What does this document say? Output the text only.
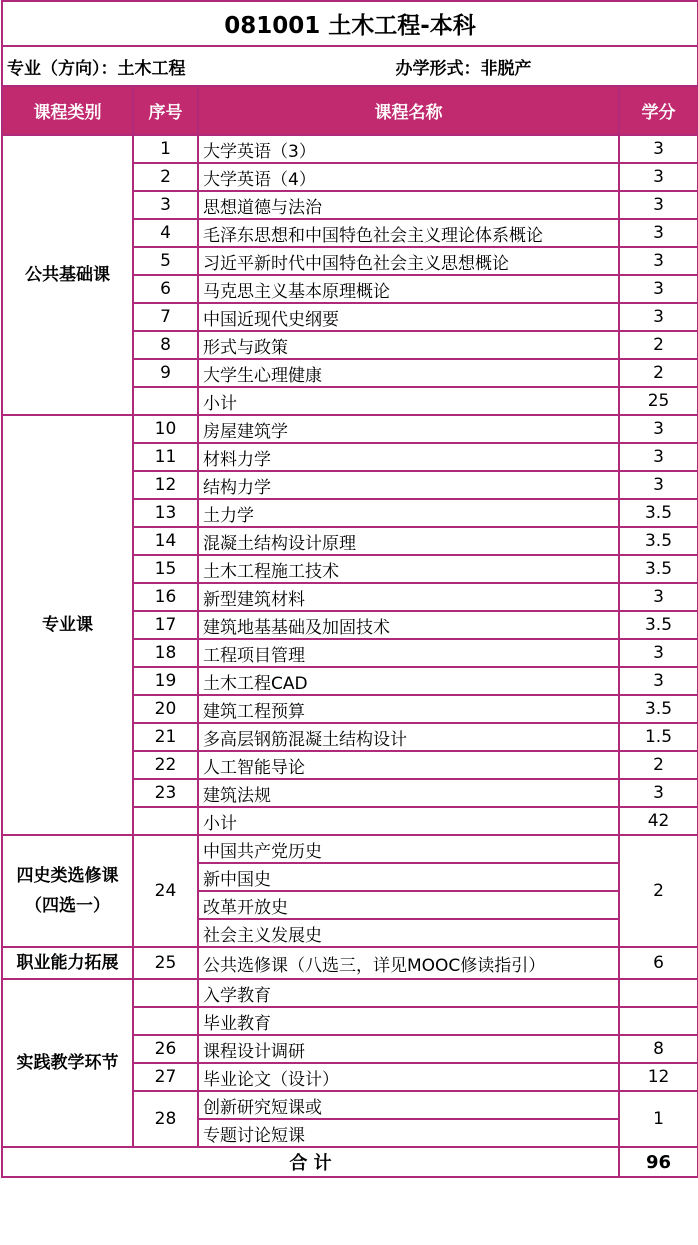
081001 土木工程-本科			
专业（方向）：土木工程 办学形式：非脱产			
课程类别	序号	课程名称	学分
公共基础课	1	大学英语（3）	3
	2	大学英语（4）	3
	3	思想道德与法治	3
	4	毛泽东思想和中国特色社会主义理论体系概论	3
	5	习近平新时代中国特色社会主义思想概论	3
	6	马克思主义基本原理概论	3
	7	中国近现代史纲要	3
	8	形式与政策	2
	9	大学生心理健康	2
		小计	25
专业课	10	房屋建筑学	3
	11	材料力学	3
	12	结构力学	3
	13	土力学	3.5
	14	混凝土结构设计原理	3.5
	15	土木工程施工技术	3.5
	16	新型建筑材料	3
	17	建筑地基基础及加固技术	3.5
	18	工程项目管理	3
	19	土木工程CAD	3
	20	建筑工程预算	3.5
	21	多高层钢筋混凝土结构设计	1.5
	22	人工智能导论	2
	23	建筑法规	3
		小计	42
四史类选修课（四选一）	24	中国共产党历史	2
		新中国史	
		改革开放史	
		社会主义发展史	
职业能力拓展	25	公共选修课（八选三，详见MOOC修读指引）	6
实践教学环节		入学教育	
		毕业教育	
	26	课程设计调研	8
	27	毕业论文（设计）	12
	28	创新研究短课或	1
		专题讨论短课	
合 计			96
